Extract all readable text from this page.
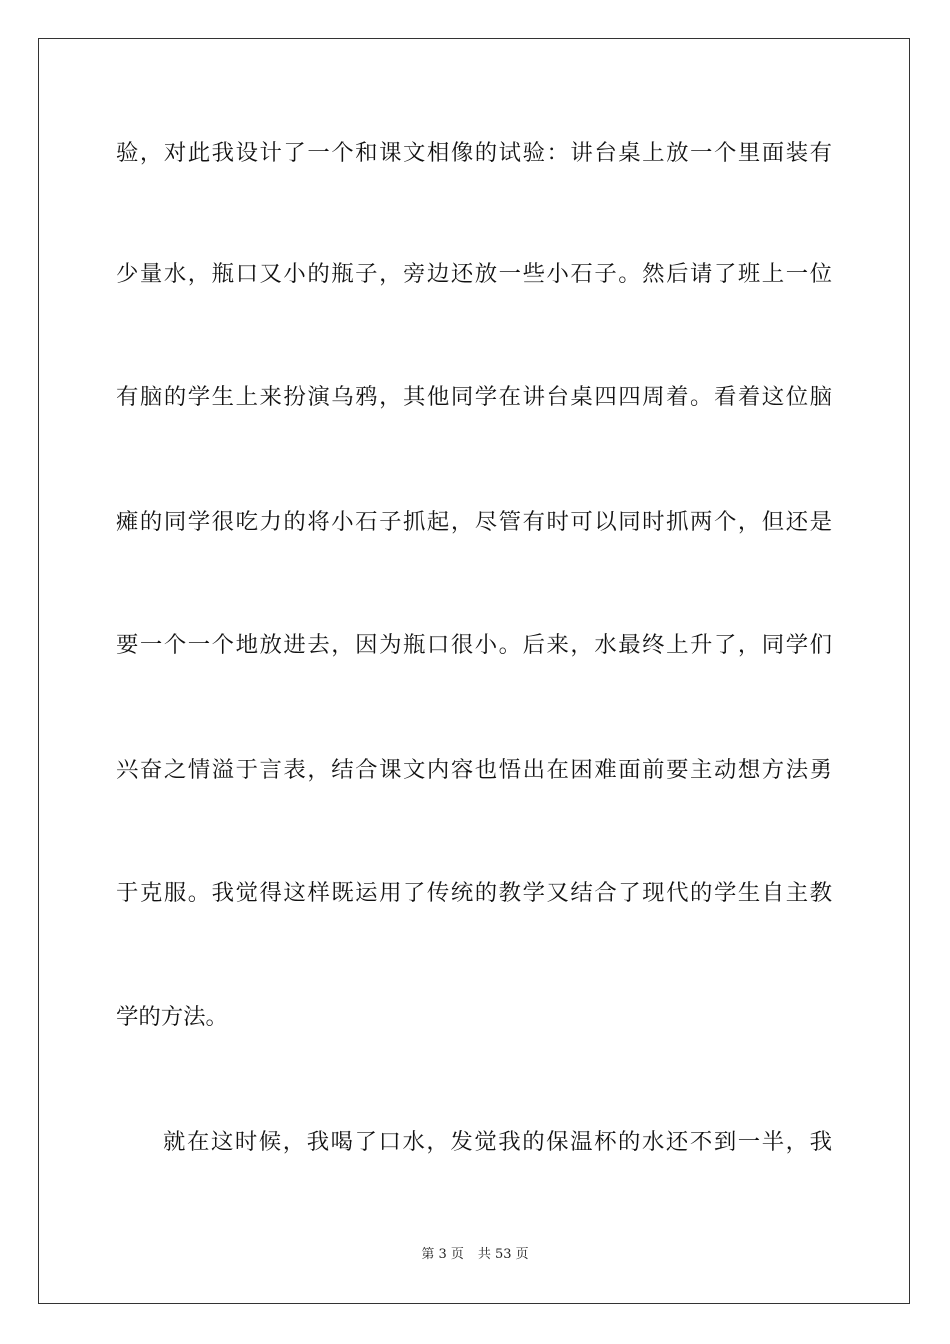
验，对此我设计了一个和课文相像的试验：讲台桌上放一个里面装有
少量水，瓶口又小的瓶子，旁边还放一些小石子。然后请了班上一位
有脑的学生上来扮演乌鸦，其他同学在讲台桌四四周着。看着这位脑
瘫的同学很吃力的将小石子抓起，尽管有时可以同时抓两个，但还是
要一个一个地放进去，因为瓶口很小。后来，水最终上升了，同学们
兴奋之情溢于言表，结合课文内容也悟出在困难面前要主动想方法勇
于克服。我觉得这样既运用了传统的教学又结合了现代的学生自主教
学的方法。
就在这时候，我喝了口水，发觉我的保温杯的水还不到一半，我
第 3 页 共 53 页
